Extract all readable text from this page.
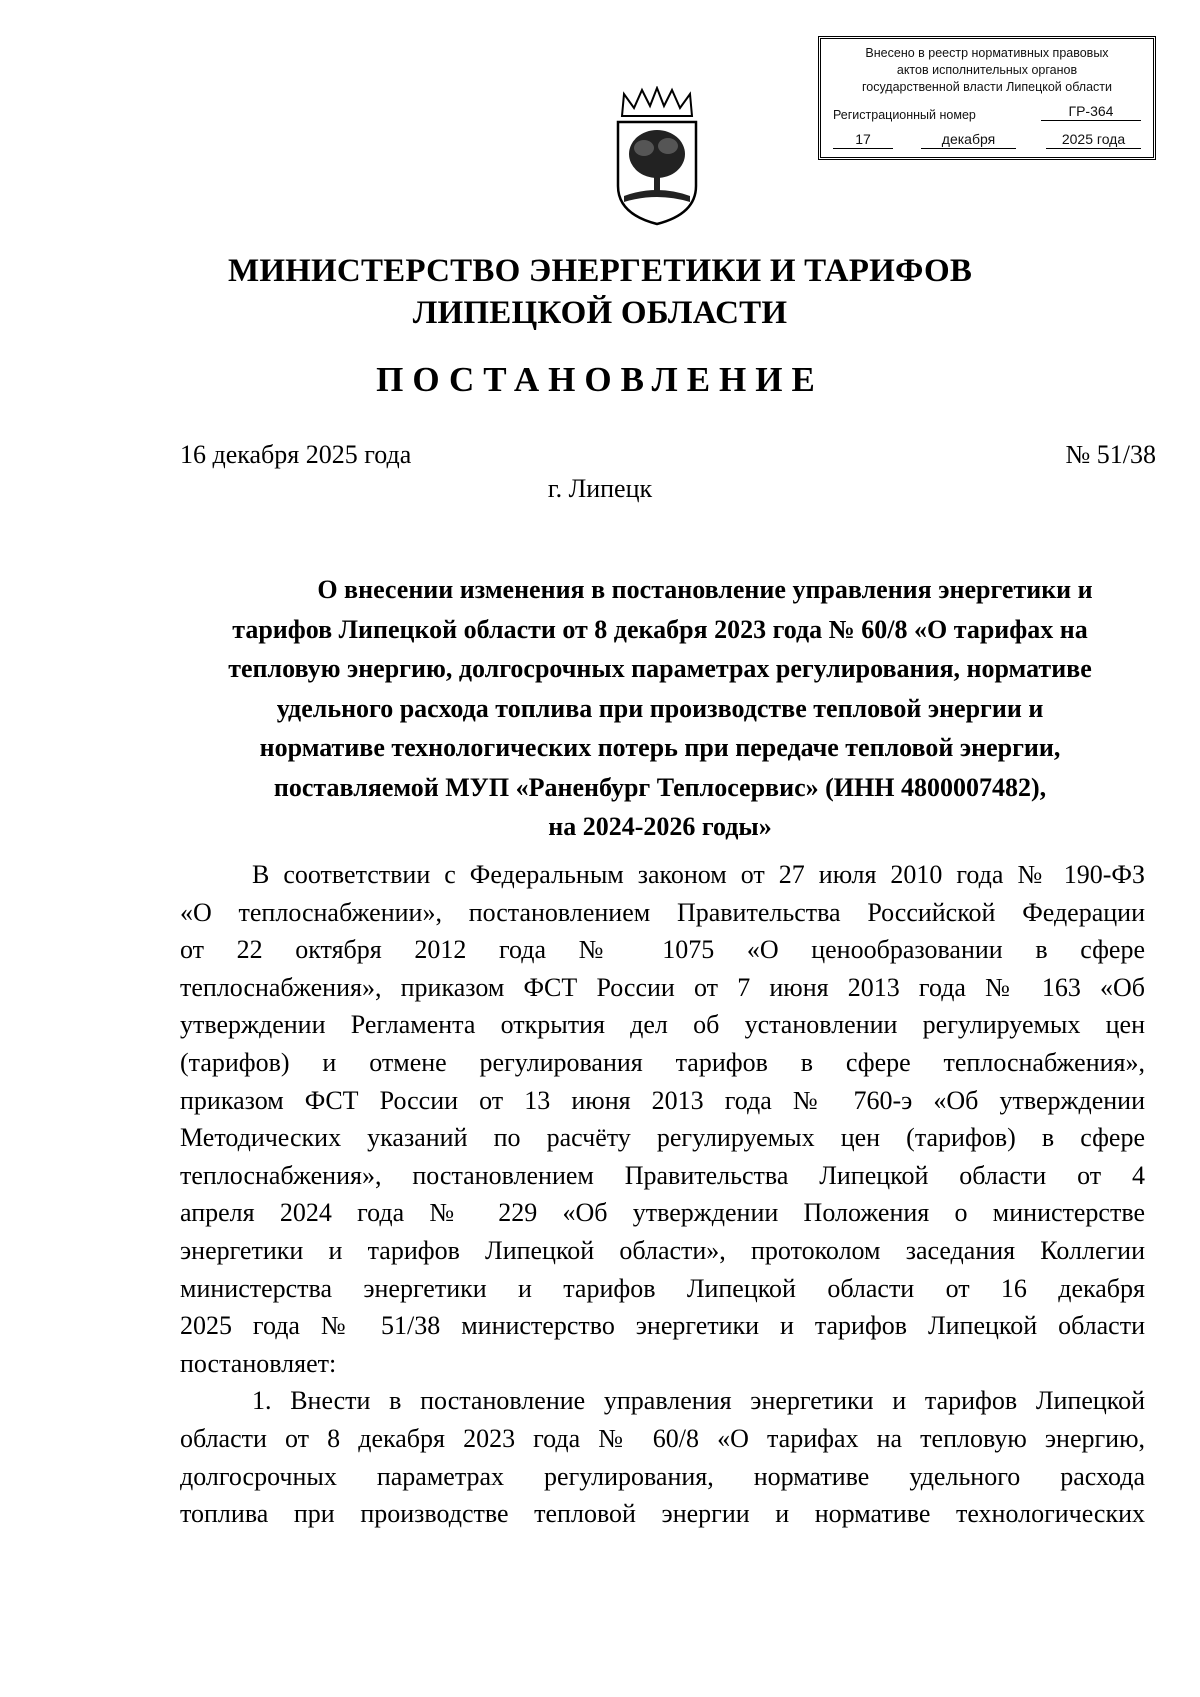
Внесено в реестр нормативных правовых
актов исполнительных органов
государственной власти Липецкой области
Регистрационный номер	ГР-364
17	декабря	2025 года
МИНИСТЕРСТВО ЭНЕРГЕТИКИ И ТАРИФОВ
ЛИПЕЦКОЙ ОБЛАСТИ
ПОСТАНОВЛЕНИЕ
16 декабря 2025 года	№ 51/38
г. Липецк
О внесении изменения в постановление управления энергетики и
тарифов Липецкой области от 8 декабря 2023 года № 60/8 «О тарифах на
тепловую энергию, долгосрочных параметрах регулирования, нормативе
удельного расхода топлива при производстве тепловой энергии и
нормативе технологических потерь при передаче тепловой энергии,
поставляемой МУП «Раненбург Теплосервис» (ИНН 4800007482),
на 2024-2026 годы»
В соответствии с Федеральным законом от 27 июля 2010 года № 190-ФЗ
«О теплоснабжении», постановлением Правительства Российской Федерации
от 22 октября 2012 года № 1075 «О ценообразовании в сфере
теплоснабжения», приказом ФСТ России от 7 июня 2013 года № 163 «Об
утверждении Регламента открытия дел об установлении регулируемых цен
(тарифов) и отмене регулирования тарифов в сфере теплоснабжения»,
приказом ФСТ России от 13 июня 2013 года № 760-э «Об утверждении
Методических указаний по расчёту регулируемых цен (тарифов) в сфере
теплоснабжения», постановлением Правительства Липецкой области от 4
апреля 2024 года № 229 «Об утверждении Положения о министерстве
энергетики и тарифов Липецкой области», протоколом заседания Коллегии
министерства энергетики и тарифов Липецкой области от 16 декабря
2025 года № 51/38 министерство энергетики и тарифов Липецкой области
постановляет:
1. Внести в постановление управления энергетики и тарифов Липецкой
области от 8 декабря 2023 года № 60/8 «О тарифах на тепловую энергию,
долгосрочных параметрах регулирования, нормативе удельного расхода
топлива при производстве тепловой энергии и нормативе технологических
